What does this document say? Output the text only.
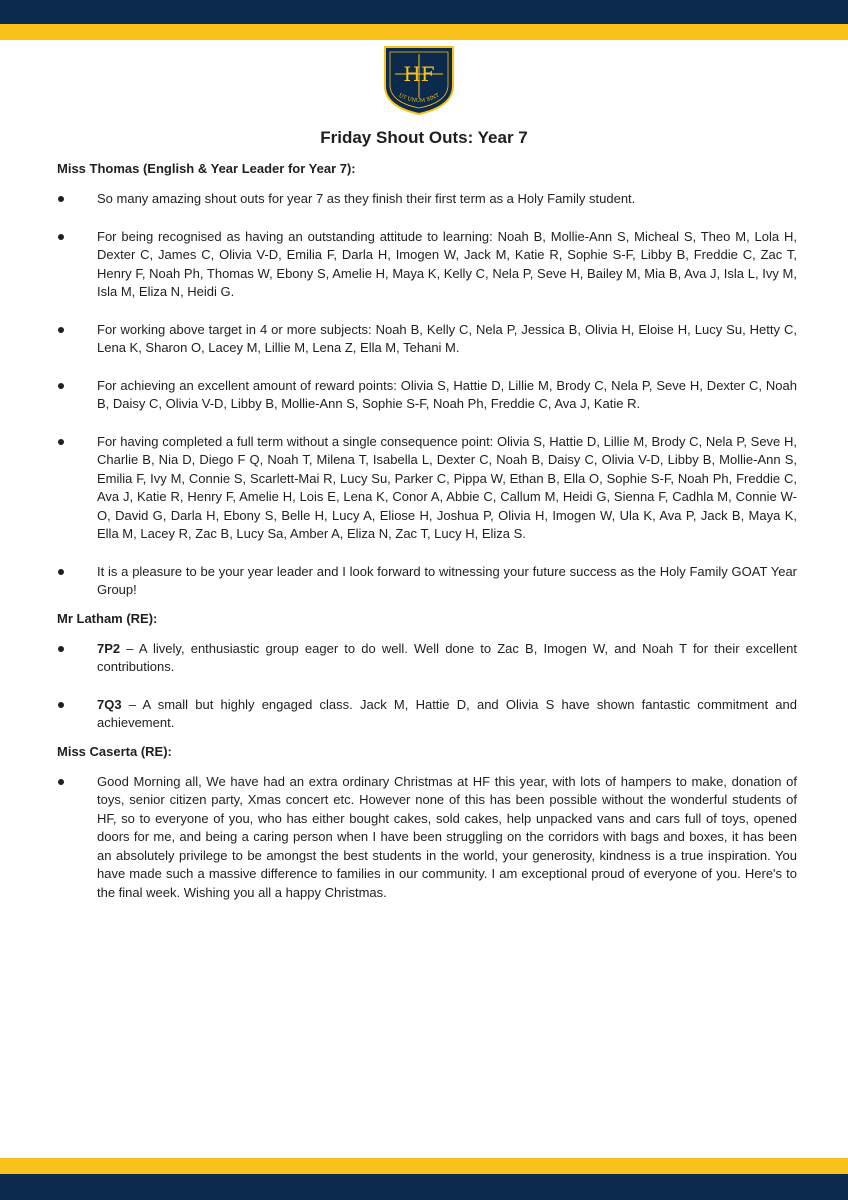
HF
UT UNUM SINT
Friday Shout Outs: Year 7
Miss Thomas (English & Year Leader for Year 7):
So many amazing shout outs for year 7 as they finish their first term as a Holy Family student.
For being recognised as having an outstanding attitude to learning: Noah B, Mollie-Ann S, Micheal S, Theo M, Lola H, Dexter C, James C, Olivia V-D, Emilia F, Darla H, Imogen W, Jack M, Katie R, Sophie S-F, Libby B, Freddie C, Zac T, Henry F, Noah Ph, Thomas W, Ebony S, Amelie H, Maya K, Kelly C, Nela P, Seve H, Bailey M, Mia B, Ava J, Isla L, Ivy M, Isla M, Eliza N, Heidi G.
For working above target in 4 or more subjects: Noah B, Kelly C, Nela P, Jessica B, Olivia H, Eloise H, Lucy Su, Hetty C, Lena K, Sharon O, Lacey M, Lillie M, Lena Z, Ella M, Tehani M.
For achieving an excellent amount of reward points: Olivia S, Hattie D, Lillie M, Brody C, Nela P, Seve H, Dexter C, Noah B, Daisy C, Olivia V-D, Libby B, Mollie-Ann S, Sophie S-F, Noah Ph, Freddie C, Ava J, Katie R.
For having completed a full term without a single consequence point: Olivia S, Hattie D, Lillie M, Brody C, Nela P, Seve H, Charlie B, Nia D, Diego F Q, Noah T, Milena T, Isabella L, Dexter C, Noah B, Daisy C, Olivia V-D, Libby B, Mollie-Ann S, Emilia F, Ivy M, Connie S, Scarlett-Mai R, Lucy Su, Parker C, Pippa W, Ethan B, Ella O, Sophie S-F, Noah Ph, Freddie C, Ava J, Katie R, Henry F, Amelie H, Lois E, Lena K, Conor A, Abbie C, Callum M, Heidi G, Sienna F, Cadhla M, Connie W-O, David G, Darla H, Ebony S, Belle H, Lucy A, Eliose H, Joshua P, Olivia H, Imogen W, Ula K, Ava P, Jack B, Maya K, Ella M, Lacey R, Zac B, Lucy Sa, Amber A, Eliza N, Zac T, Lucy H, Eliza S.
It is a pleasure to be your year leader and I look forward to witnessing your future success as the Holy Family GOAT Year Group!
Mr Latham (RE):
7P2 – A lively, enthusiastic group eager to do well. Well done to Zac B, Imogen W, and Noah T for their excellent contributions.
7Q3 – A small but highly engaged class. Jack M, Hattie D, and Olivia S have shown fantastic commitment and achievement.
Miss Caserta (RE):
Good Morning all, We have had an extra ordinary Christmas at HF this year, with lots of hampers to make, donation of toys, senior citizen party, Xmas concert etc. However none of this has been possible without the wonderful students of HF, so to everyone of you, who has either bought cakes, sold cakes, help unpacked vans and cars full of toys, opened doors for me, and being a caring person when I have been struggling on the corridors with bags and boxes, it has been an absolutely privilege to be amongst the best students in the world, your generosity, kindness is a true inspiration. You have made such a massive difference to families in our community. I am exceptional proud of everyone of you. Here's to the final week. Wishing you all a happy Christmas.
